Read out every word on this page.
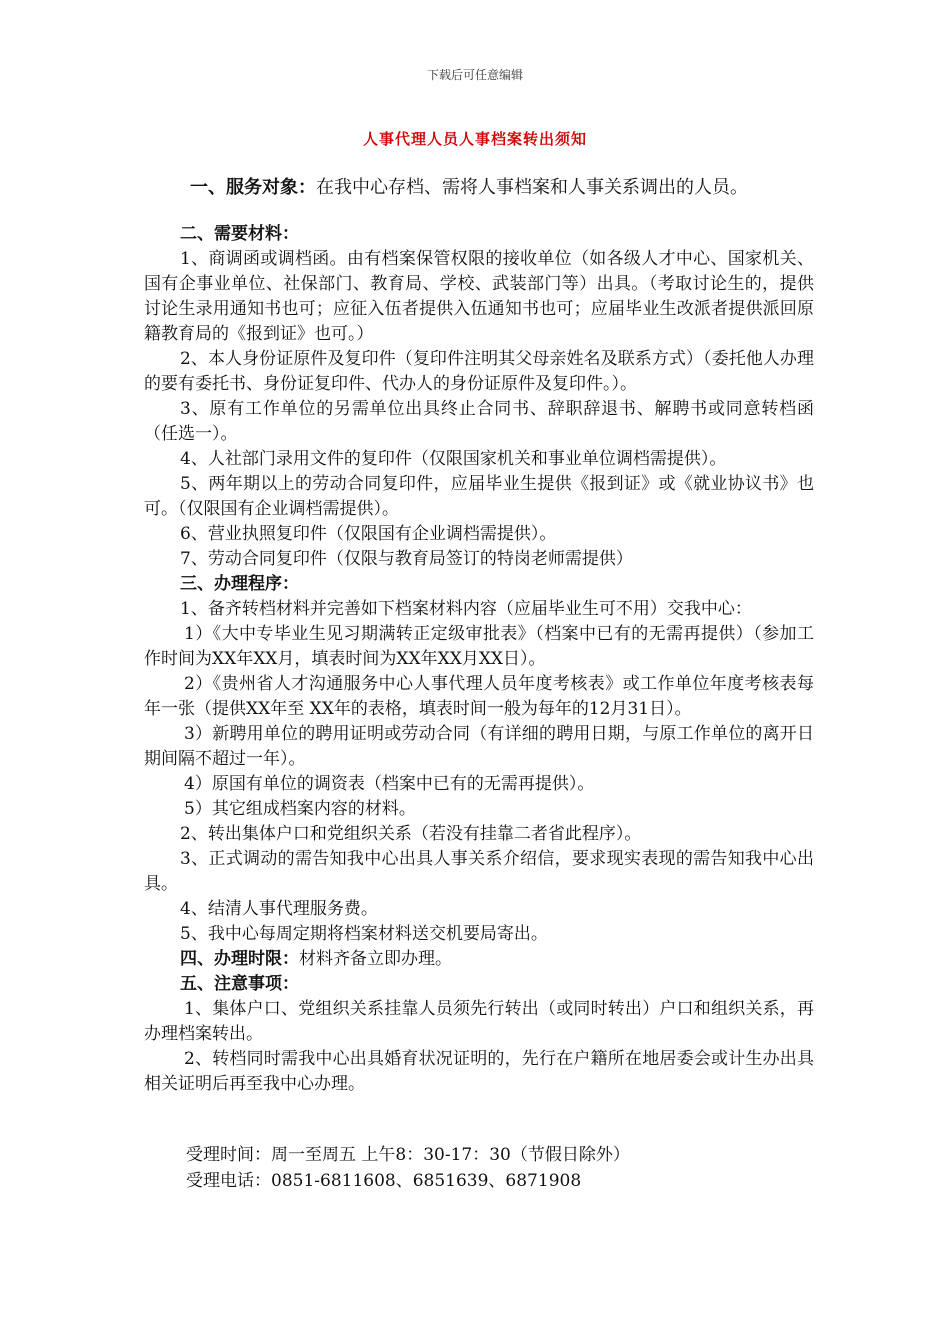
下载后可任意编辑
人事代理人员人事档案转出须知
一、服务对象：在我中心存档、需将人事档案和人事关系调出的人员。
二、需要材料：
1、商调函或调档函。由有档案保管权限的接收单位（如各级人才中心、国家机关、国有企事业单位、社保部门、教育局、学校、武装部门等）出具。（考取讨论生的，提供讨论生录用通知书也可；应征入伍者提供入伍通知书也可；应届毕业生改派者提供派回原籍教育局的《报到证》也可。）
2、本人身份证原件及复印件（复印件注明其父母亲姓名及联系方式）（委托他人办理的要有委托书、身份证复印件、代办人的身份证原件及复印件。）。
3、原有工作单位的另需单位出具终止合同书、辞职辞退书、解聘书或同意转档函（任选一）。
4、人社部门录用文件的复印件（仅限国家机关和事业单位调档需提供）。
5、两年期以上的劳动合同复印件，应届毕业生提供《报到证》或《就业协议书》也可。（仅限国有企业调档需提供）。
6、营业执照复印件（仅限国有企业调档需提供）。
7、劳动合同复印件（仅限与教育局签订的特岗老师需提供）
三、办理程序：
1、备齐转档材料并完善如下档案材料内容（应届毕业生可不用）交我中心：
1）《大中专毕业生见习期满转正定级审批表》（档案中已有的无需再提供）（参加工作时间为XX年XX月，填表时间为XX年XX月XX日）。
2）《贵州省人才沟通服务中心人事代理人员年度考核表》或工作单位年度考核表每年一张（提供XX年至 XX年的表格，填表时间一般为每年的12月31日）。
3）新聘用单位的聘用证明或劳动合同（有详细的聘用日期，与原工作单位的离开日期间隔不超过一年）。
4）原国有单位的调资表（档案中已有的无需再提供）。
5）其它组成档案内容的材料。
2、转出集体户口和党组织关系（若没有挂靠二者省此程序）。
3、正式调动的需告知我中心出具人事关系介绍信，要求现实表现的需告知我中心出具。
4、结清人事代理服务费。
5、我中心每周定期将档案材料送交机要局寄出。
四、办理时限：材料齐备立即办理。
五、注意事项：
1、集体户口、党组织关系挂靠人员须先行转出（或同时转出）户口和组织关系，再办理档案转出。
2、转档同时需我中心出具婚育状况证明的，先行在户籍所在地居委会或计生办出具相关证明后再至我中心办理。
受理时间：周一至周五 上午8：30-17：30（节假日除外）
受理电话：0851-6811608、6851639、6871908
